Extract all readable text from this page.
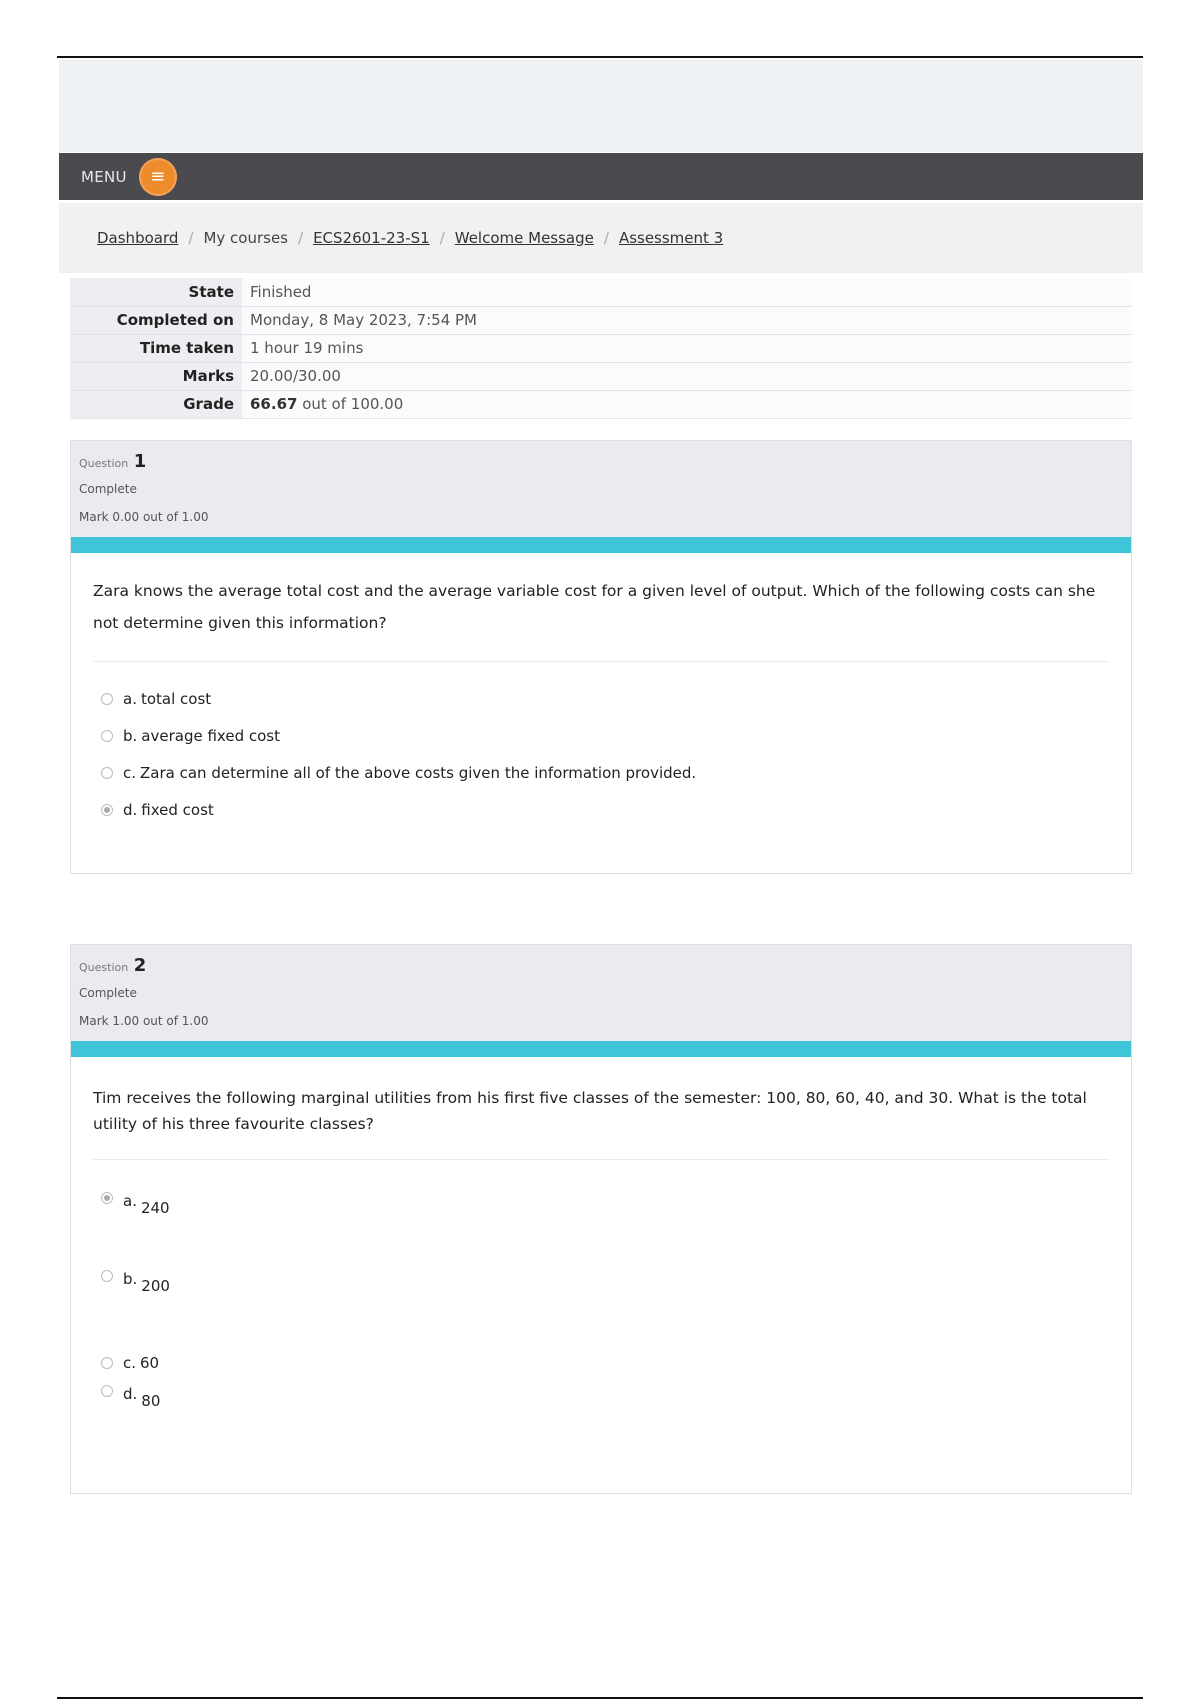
MENU ≡
Dashboard / My courses / ECS2601-23-S1 / Welcome Message / Assessment 3
State	Finished
Completed on	Monday, 8 May 2023, 7:54 PM
Time taken	1 hour 19 mins
Marks	20.00/30.00
Grade	66.67 out of 100.00
Question 1
Complete
Mark 0.00 out of 1.00
Zara knows the average total cost and the average variable cost for a given level of output. Which of the following costs can she not determine given this information?
a. total cost
b. average fixed cost
c. Zara can determine all of the above costs given the information provided.
d. fixed cost
Question 2
Complete
Mark 1.00 out of 1.00
Tim receives the following marginal utilities from his first five classes of the semester: 100, 80, 60, 40, and 30. What is the total utility of his three favourite classes?
a. 240
b. 200
c. 60
d. 80
